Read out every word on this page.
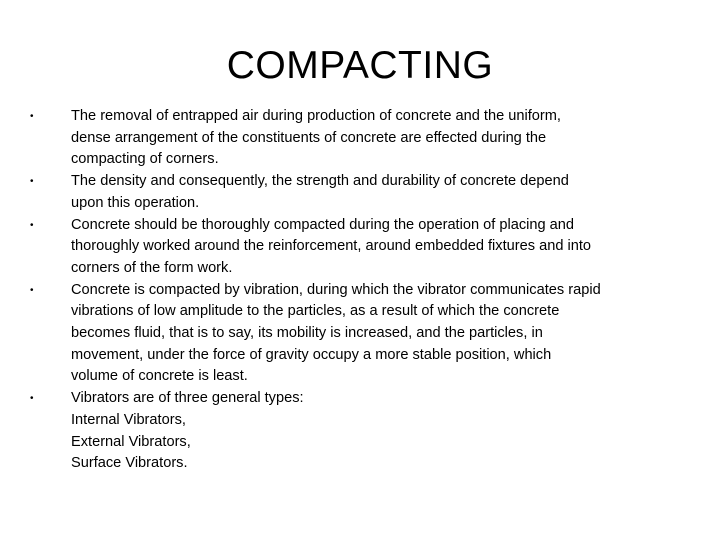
COMPACTING
•	The removal of entrapped air during production of concrete and the uniform,
dense arrangement of the constituents of concrete are effected during the
compacting of corners.
•	The density and consequently, the strength and durability of concrete depend
upon this operation.
•	Concrete should be thoroughly compacted during the operation of placing and
thoroughly worked around the reinforcement, around embedded fixtures and into
corners of the form work.
•	Concrete is compacted by vibration, during which the vibrator communicates rapid
vibrations of low amplitude to the particles, as a result of which the concrete
becomes fluid, that is to say, its mobility is increased, and the particles, in
movement, under the force of gravity occupy a more stable position, which
volume of concrete is least.
•	Vibrators are of three general types:
Internal Vibrators,
External Vibrators,
Surface Vibrators.
